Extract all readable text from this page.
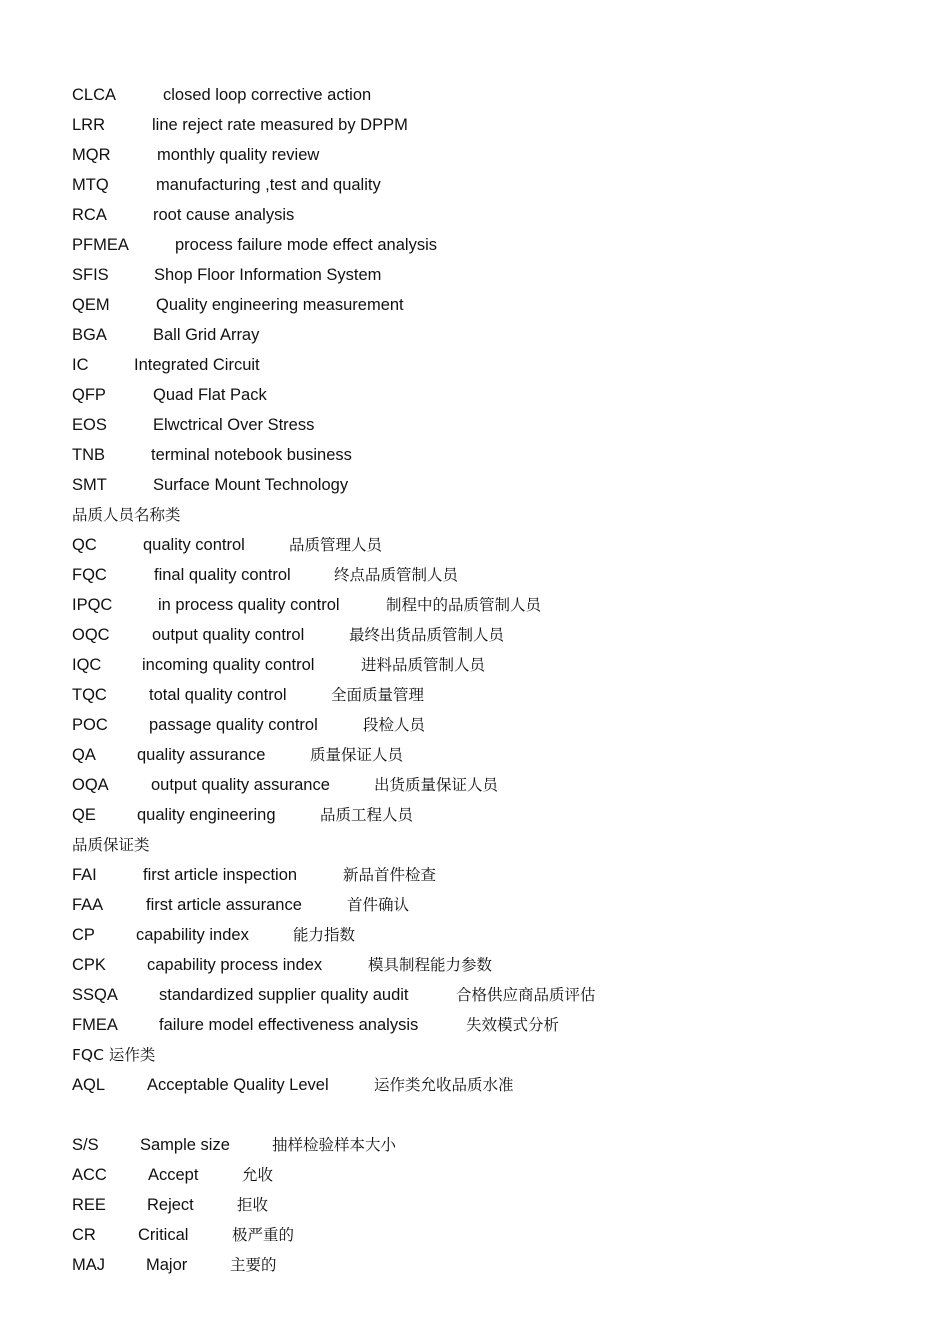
CLCA	closed loop corrective action
LRR	line reject rate measured by DPPM
MQR	monthly quality review
MTQ	manufacturing ,test and quality
RCA	root cause analysis
PFMEA	process failure mode effect analysis
SFIS	Shop Floor Information System
QEM	Quality engineering measurement
BGA	Ball Grid Array
IC	Integrated Circuit
QFP	Quad Flat Pack
EOS	Elwctrical Over Stress
TNB	terminal notebook business
SMT	Surface Mount Technology
品质人员名称类
QC	quality control	品质管理人员
FQC	final quality control	终点品质管制人员
IPQC	in process quality control	制程中的品质管制人员
OQC	output quality control	最终出货品质管制人员
IQC incoming quality control	进料品质管制人员
TQC	total quality control	全面质量管理
POC passage quality control	段检人员
QA quality assurance	质量保证人员
OQA	output quality assurance	出货质量保证人员
QE quality engineering	品质工程人员
品质保证类
FAI	first article inspection	新品首件检查
FAA	first article assurance	首件确认
CP capability index	能力指数
CPK capability process index	模具制程能力参数
SSQA standardized supplier quality audit	合格供应商品质评估
FMEA failure model effectiveness analysis	失效模式分析
FQC 运作类
AQL	Acceptable Quality Level	运作类允收品质水准
S/S	Sample size	抽样检验样本大小
ACC Accept	允收
REE Reject	拒收
CR	Critical	极严重的
MAJ Major	主要的
